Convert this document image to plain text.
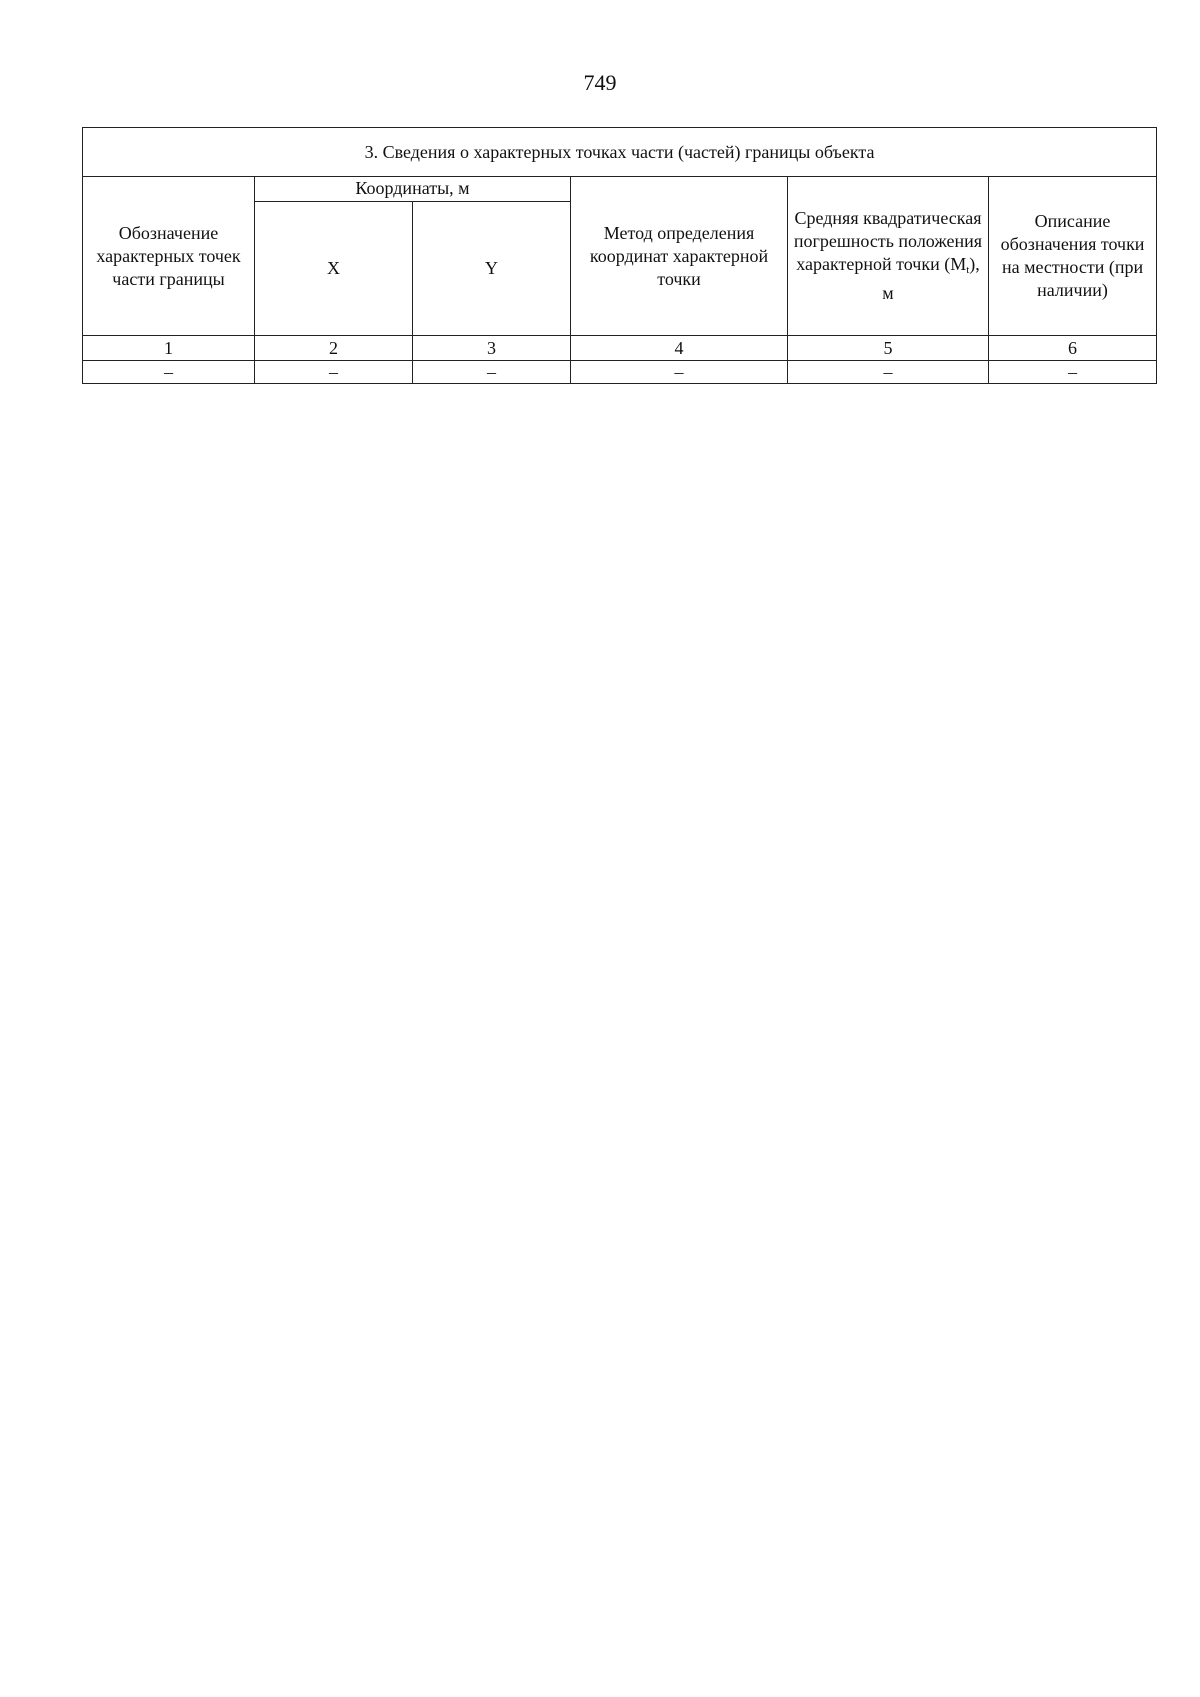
749
3. Сведения о характерных точках части (частей) границы объекта					
Обозначение характерных точек части границы	Координаты, м		Метод определения координат характерной точки	Средняя квадратическая погрешность положения характерной точки $(M_t)$, м	Описание обозначения точки на местности (при наличии)
	X	Y			
1	2	3	4	5	6
–	–	–	–	–	–
